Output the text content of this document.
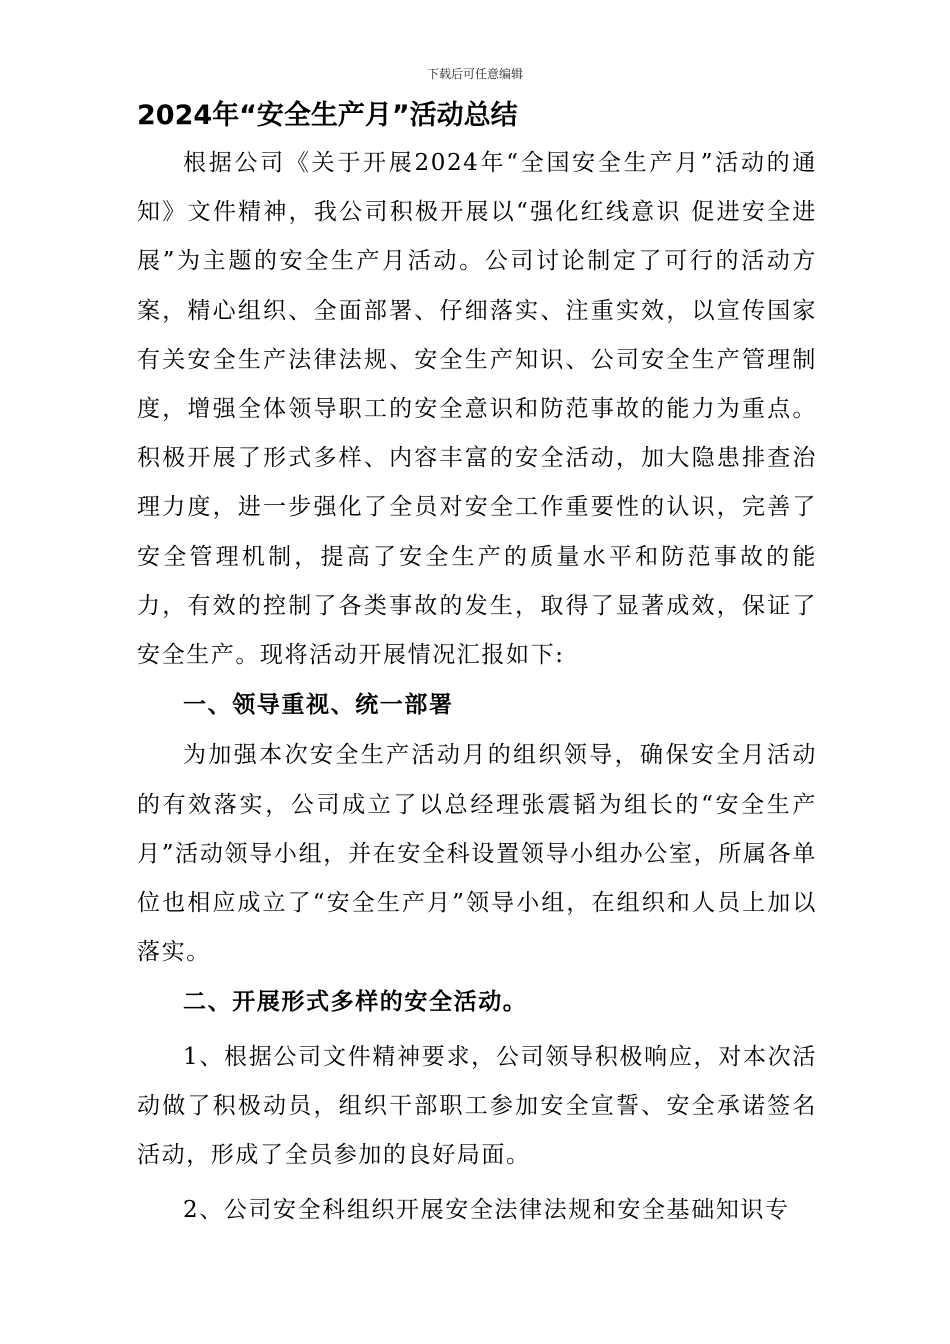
下载后可任意编辑
2024年“安全生产月”活动总结

根据公司《关于开展2024年“全国安全生产月”活动的通知》文件精神，我公司积极开展以“强化红线意识 促进安全进展”为主题的安全生产月活动。公司讨论制定了可行的活动方案，精心组织、全面部署、仔细落实、注重实效，以宣传国家有关安全生产法律法规、安全生产知识、公司安全生产管理制度，增强全体领导职工的安全意识和防范事故的能力为重点。积极开展了形式多样、内容丰富的安全活动，加大隐患排查治理力度，进一步强化了全员对安全工作重要性的认识，完善了安全管理机制，提高了安全生产的质量水平和防范事故的能力，有效的控制了各类事故的发生，取得了显著成效，保证了安全生产。现将活动开展情况汇报如下:

一、领导重视、统一部署

为加强本次安全生产活动月的组织领导，确保安全月活动的有效落实，公司成立了以总经理张震韬为组长的“安全生产月”活动领导小组，并在安全科设置领导小组办公室，所属各单位也相应成立了“安全生产月”领导小组，在组织和人员上加以落实。

二、开展形式多样的安全活动。

1、根据公司文件精神要求，公司领导积极响应，对本次活动做了积极动员，组织干部职工参加安全宣誓、安全承诺签名活动，形成了全员参加的良好局面。

2、公司安全科组织开展安全法律法规和安全基础知识专
